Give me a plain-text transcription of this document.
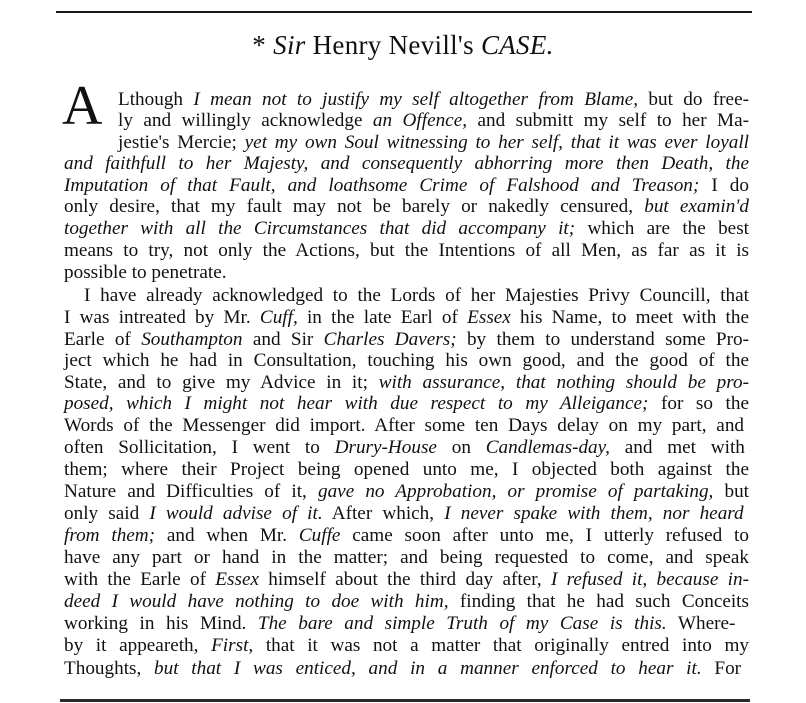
* Sir Henry Nevill's CASE.
A Lthough I mean not to justify my self altogether from Blame, but do free-
ly and willingly acknowledge an Offence, and submitt my self to her Ma-
jestie's Mercie; yet my own Soul witnessing to her self, that it was ever loyall
and faithfull to her Majesty, and consequently abhorring more then Death, the
Imputation of that Fault, and loathsome Crime of Falshood and Treason; I do
only desire, that my fault may not be barely or nakedly censured, but examin'd
together with all the Circumstances that did accompany it; which are the best
means to try, not only the Actions, but the Intentions of all Men, as far as it is
possible to penetrate.
I have already acknowledged to the Lords of her Majesties Privy Councill, that
I was intreated by Mr. Cuff, in the late Earl of Essex his Name, to meet with the
Earle of Southampton and Sir Charles Davers; by them to understand some Pro-
ject which he had in Consultation, touching his own good, and the good of the
State, and to give my Advice in it; with assurance, that nothing should be pro-
posed, which I might not hear with due respect to my Alleigance; for so the
Words of the Messenger did import. After some ten Days delay on my part, and
often Sollicitation, I went to Drury-House on Candlemas-day, and met with
them; where their Project being opened unto me, I objected both against the
Nature and Difficulties of it, gave no Approbation, or promise of partaking, but
only said I would advise of it. After which, I never spake with them, nor heard
from them; and when Mr. Cuffe came soon after unto me, I utterly refused to
have any part or hand in the matter; and being requested to come, and speak
with the Earle of Essex himself about the third day after, I refused it, because in-
deed I would have nothing to doe with him, finding that he had such Conceits
working in his Mind. The bare and simple Truth of my Case is this. Where-
by it appeareth, First, that it was not a matter that originally entred into my
Thoughts, but that I was enticed, and in a manner enforced to hear it. For
